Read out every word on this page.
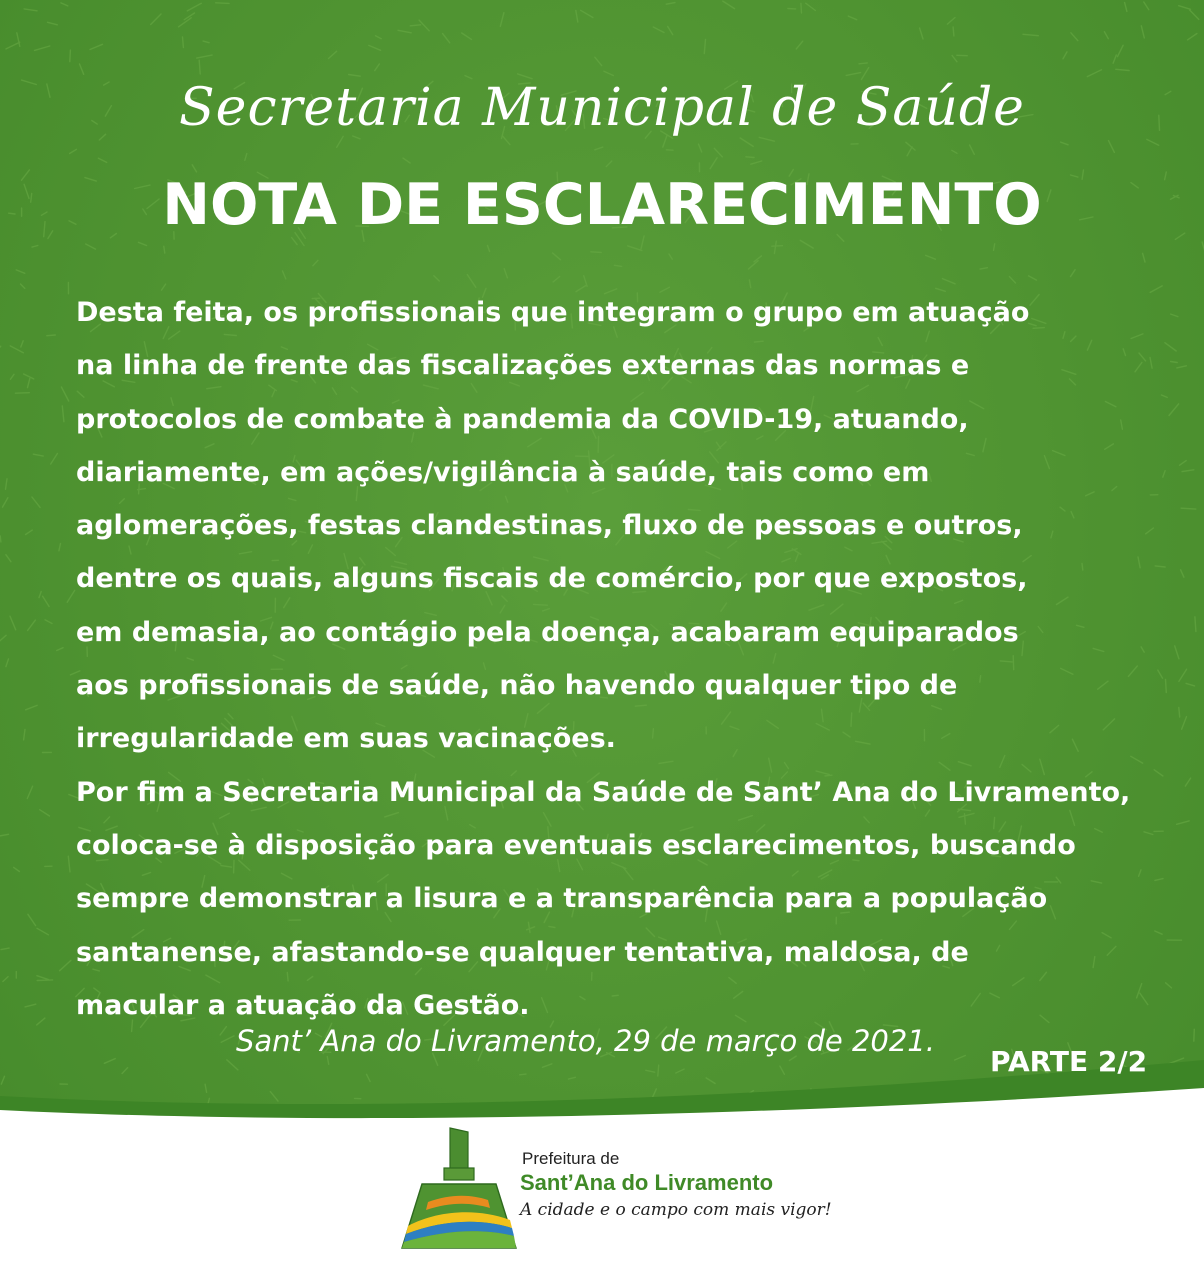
Secretaria Municipal de Saúde
NOTA DE ESCLARECIMENTO
Desta feita, os profissionais que integram o grupo em atuação
na linha de frente das fiscalizações externas das normas e
protocolos de combate à pandemia da COVID-19, atuando,
diariamente, em ações/vigilância à saúde, tais como em
aglomerações, festas clandestinas, fluxo de pessoas e outros,
dentre os quais, alguns fiscais de comércio, por que expostos,
em demasia, ao contágio pela doença, acabaram equiparados
aos profissionais de saúde, não havendo qualquer tipo de
irregularidade em suas vacinações.
Por fim a Secretaria Municipal da Saúde de Sant’ Ana do Livramento,
coloca-se à disposição para eventuais esclarecimentos, buscando
sempre demonstrar a lisura e a transparência para a população
santanense, afastando-se qualquer tentativa, maldosa, de
macular a atuação da Gestão.
Sant’ Ana do Livramento, 29 de março de 2021.
PARTE 2/2
Prefeitura de
Sant’Ana do Livramento
A cidade e o campo com mais vigor!
